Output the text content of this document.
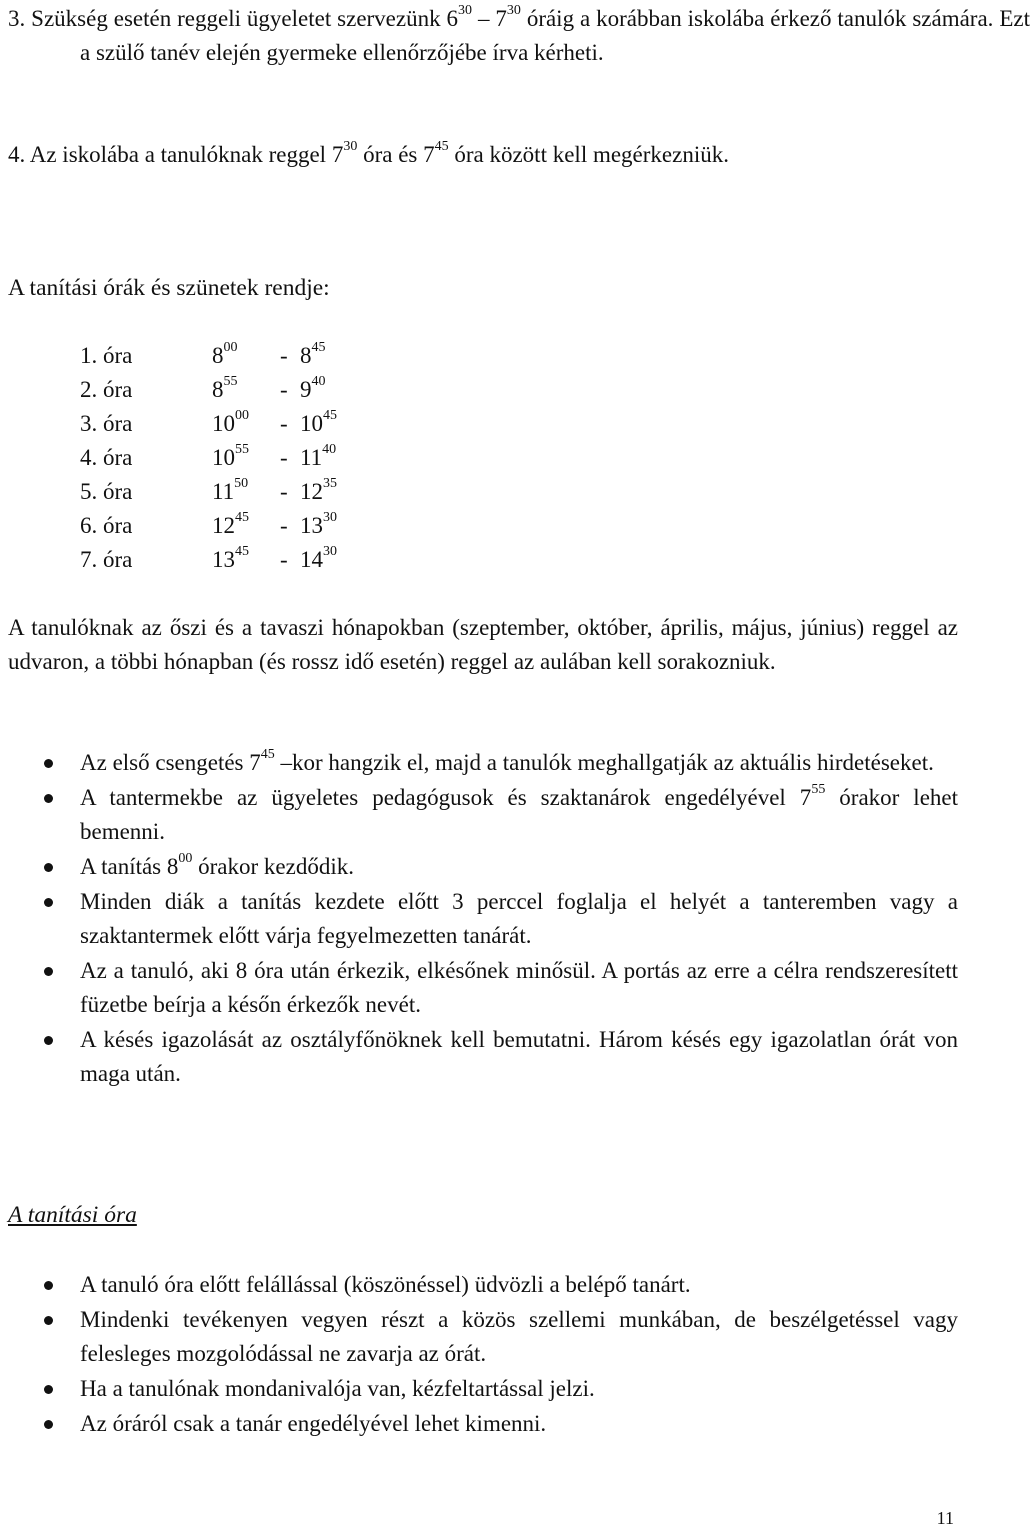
3. Szükség esetén reggeli ügyeletet szervezünk $6^{30} - 7^{30}$ óráig a korábban iskolába érkező tanulók számára. Ezt a szülő tanév elején gyermeke ellenőrzőjébe írva kérheti.
4. Az iskolába a tanulóknak reggel $7^{30}$ óra és $7^{45}$ óra között kell megérkezniük.
A tanítási órák és szünetek rendje:
1. óra	$8^{00} - 8^{45}$
2. óra	$8^{55} - 9^{40}$
3. óra	$10^{00} - 10^{45}$
4. óra	$10^{55} - 11^{40}$
5. óra	$11^{50} - 12^{35}$
6. óra	$12^{45} - 13^{30}$
7. óra	$13^{45} - 14^{30}$
A tanulóknak az őszi és a tavaszi hónapokban (szeptember, október, április, május, június) reggel az udvaron, a többi hónapban (és rossz idő esetén) reggel az aulában kell sorakozniuk.
Az első csengetés $7^{45}$ –kor hangzik el, majd a tanulók meghallgatják az aktuális hirdetéseket.
A tantermekbe az ügyeletes pedagógusok és szaktanárok engedélyével $7^{55}$ órakor lehet bemenni.
A tanítás $8^{00}$ órakor kezdődik.
Minden diák a tanítás kezdete előtt 3 perccel foglalja el helyét a tanteremben vagy a szaktantermek előtt várja fegyelmezetten tanárát.
Az a tanuló, aki 8 óra után érkezik, elkésőnek minősül. A portás az erre a célra rendszeresített füzetbe beírja a későn érkezők nevét.
A késés igazolását az osztályfőnöknek kell bemutatni. Három késés egy igazolatlan órát von maga után.
A tanítási óra
A tanuló óra előtt felállással (köszönéssel) üdvözli a belépő tanárt.
Mindenki tevékenyen vegyen részt a közös szellemi munkában, de beszélgetéssel vagy felesleges mozgolódással ne zavarja az órát.
Ha a tanulónak mondanivalója van, kézfeltartással jelzi.
Az óráról csak a tanár engedélyével lehet kimenni.
11
